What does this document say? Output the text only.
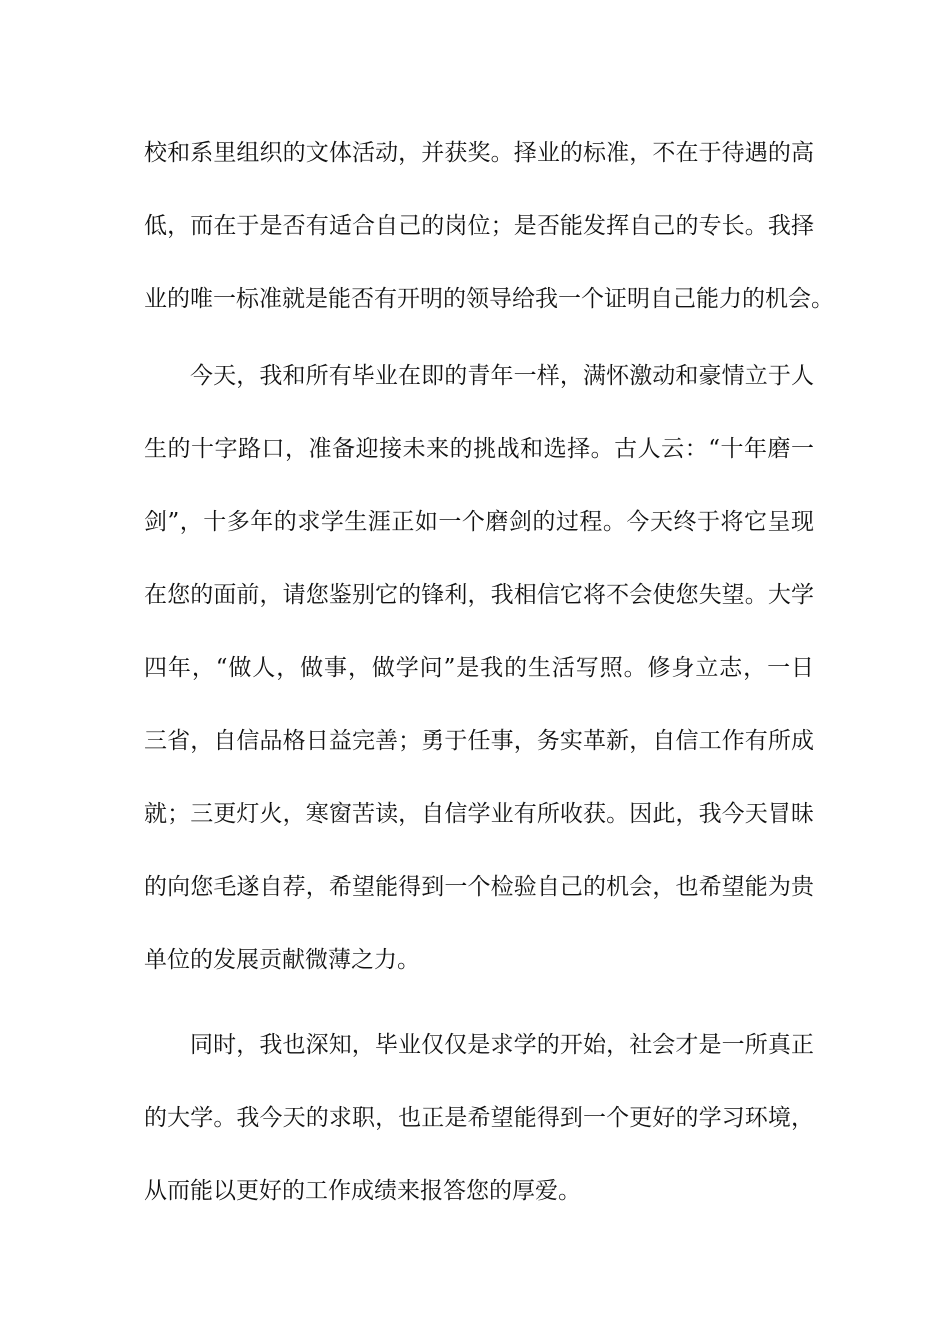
校和系里组织的文体活动，并获奖。择业的标准，不在于待遇的高
低，而在于是否有适合自己的岗位；是否能发挥自己的专长。我择
业的唯一标准就是能否有开明的领导给我一个证明自己能力的机会。
今天，我和所有毕业在即的青年一样，满怀激动和豪情立于人
生的十字路口，准备迎接未来的挑战和选择。古人云：“十年磨一
剑”，十多年的求学生涯正如一个磨剑的过程。今天终于将它呈现
在您的面前，请您鉴别它的锋利，我相信它将不会使您失望。大学
四年，“做人，做事，做学问”是我的生活写照。修身立志，一日
三省，自信品格日益完善；勇于任事，务实革新，自信工作有所成
就；三更灯火，寒窗苦读，自信学业有所收获。因此，我今天冒昧
的向您毛遂自荐，希望能得到一个检验自己的机会，也希望能为贵
单位的发展贡献微薄之力。
同时，我也深知，毕业仅仅是求学的开始，社会才是一所真正
的大学。我今天的求职，也正是希望能得到一个更好的学习环境，
从而能以更好的工作成绩来报答您的厚爱。
